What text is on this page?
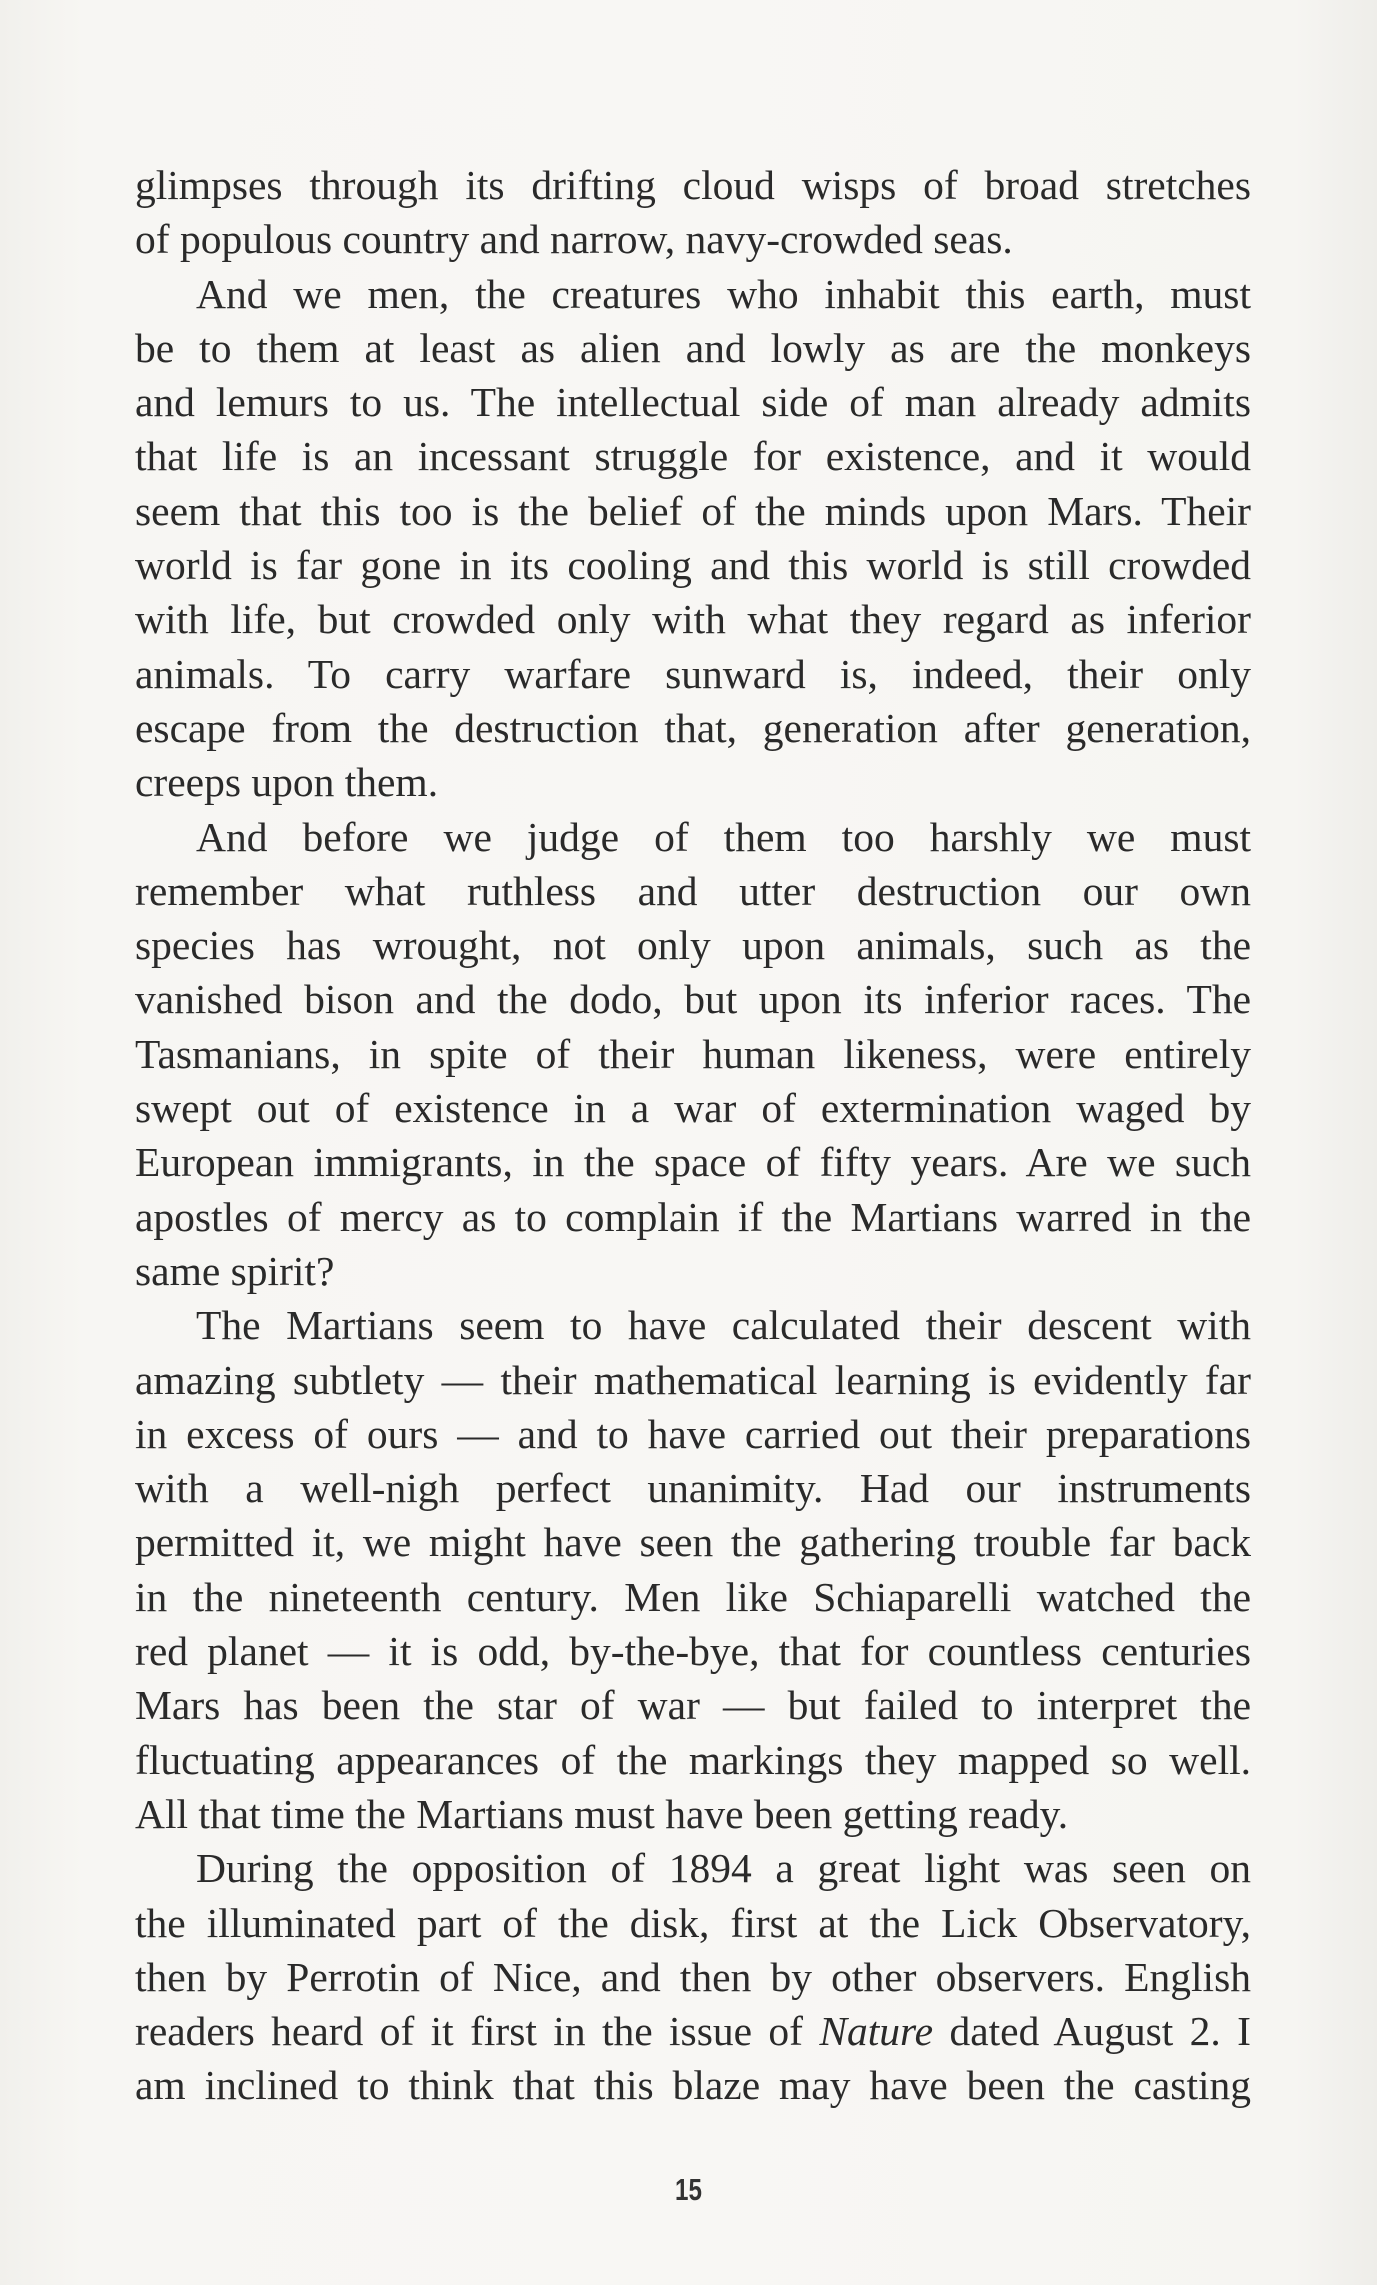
glimpses through its drifting cloud wisps of broad stretches
of populous country and narrow, navy-crowded seas.
And we men, the creatures who inhabit this earth, must
be to them at least as alien and lowly as are the monkeys
and lemurs to us. The intellectual side of man already admits
that life is an incessant struggle for existence, and it would
seem that this too is the belief of the minds upon Mars. Their
world is far gone in its cooling and this world is still crowded
with life, but crowded only with what they regard as inferior
animals. To carry warfare sunward is, indeed, their only
escape from the destruction that, generation after generation,
creeps upon them.
And before we judge of them too harshly we must
remember what ruthless and utter destruction our own
species has wrought, not only upon animals, such as the
vanished bison and the dodo, but upon its inferior races. The
Tasmanians, in spite of their human likeness, were entirely
swept out of existence in a war of extermination waged by
European immigrants, in the space of fifty years. Are we such
apostles of mercy as to complain if the Martians warred in the
same spirit?
The Martians seem to have calculated their descent with
amazing subtlety — their mathematical learning is evidently far
in excess of ours — and to have carried out their preparations
with a well-nigh perfect unanimity. Had our instruments
permitted it, we might have seen the gathering trouble far back
in the nineteenth century. Men like Schiaparelli watched the
red planet — it is odd, by-the-bye, that for countless centuries
Mars has been the star of war — but failed to interpret the
fluctuating appearances of the markings they mapped so well.
All that time the Martians must have been getting ready.
During the opposition of 1894 a great light was seen on
the illuminated part of the disk, first at the Lick Observatory,
then by Perrotin of Nice, and then by other observers. English
readers heard of it first in the issue of Nature dated August 2. I
am inclined to think that this blaze may have been the casting
15
